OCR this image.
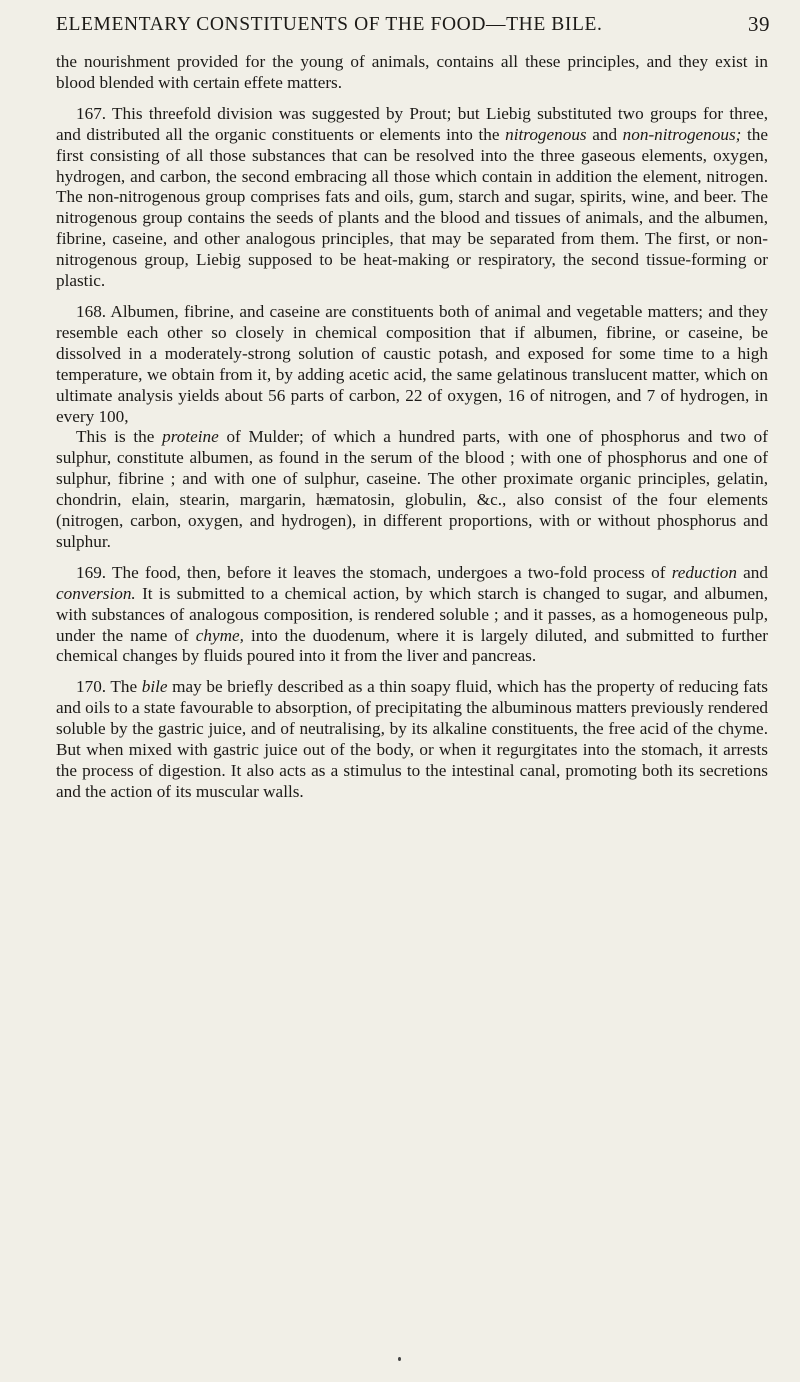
ELEMENTARY CONSTITUENTS OF THE FOOD—THE BILE.	39

the nourishment provided for the young of animals, contains all these principles, and they exist in blood blended with certain effete matters.

167. This threefold division was suggested by Prout; but Liebig substituted two groups for three, and distributed all the organic constituents or elements into the nitrogenous and non-nitrogenous; the first consisting of all those substances that can be resolved into the three gaseous elements, oxygen, hydrogen, and carbon, the second embracing all those which contain in addition the element, nitrogen. The non-nitrogenous group comprises fats and oils, gum, starch and sugar, spirits, wine, and beer. The nitrogenous group contains the seeds of plants and the blood and tissues of animals, and the albumen, fibrine, caseine, and other analogous principles, that may be separated from them. The first, or non-nitrogenous group, Liebig supposed to be heat-making or respiratory, the second tissue-forming or plastic.

168. Albumen, fibrine, and caseine are constituents both of animal and vegetable matters; and they resemble each other so closely in chemical composition that if albumen, fibrine, or caseine, be dissolved in a moderately-strong solution of caustic potash, and exposed for some time to a high temperature, we obtain from it, by adding acetic acid, the same gelatinous translucent matter, which on ultimate analysis yields about 56 parts of carbon, 22 of oxygen, 16 of nitrogen, and 7 of hydrogen, in every 100,

This is the proteine of Mulder; of which a hundred parts, with one of phosphorus and two of sulphur, constitute albumen, as found in the serum of the blood ; with one of phosphorus and one of sulphur, fibrine ; and with one of sulphur, caseine. The other proximate organic principles, gelatin, chondrin, elain, stearin, margarin, hæmatosin, globulin, &c., also consist of the four elements (nitrogen, carbon, oxygen, and hydrogen), in different proportions, with or without phosphorus and sulphur.

169. The food, then, before it leaves the stomach, undergoes a two-fold process of reduction and conversion. It is submitted to a chemical action, by which starch is changed to sugar, and albumen, with substances of analogous composition, is rendered soluble ; and it passes, as a homogeneous pulp, under the name of chyme, into the duodenum, where it is largely diluted, and submitted to further chemical changes by fluids poured into it from the liver and pancreas.

170. The bile may be briefly described as a thin soapy fluid, which has the property of reducing fats and oils to a state favourable to absorption, of precipitating the albuminous matters previously rendered soluble by the gastric juice, and of neutralising, by its alkaline constituents, the free acid of the chyme. But when mixed with gastric juice out of the body, or when it regurgitates into the stomach, it arrests the process of digestion. It also acts as a stimulus to the intestinal canal, promoting both its secretions and the action of its muscular walls.
